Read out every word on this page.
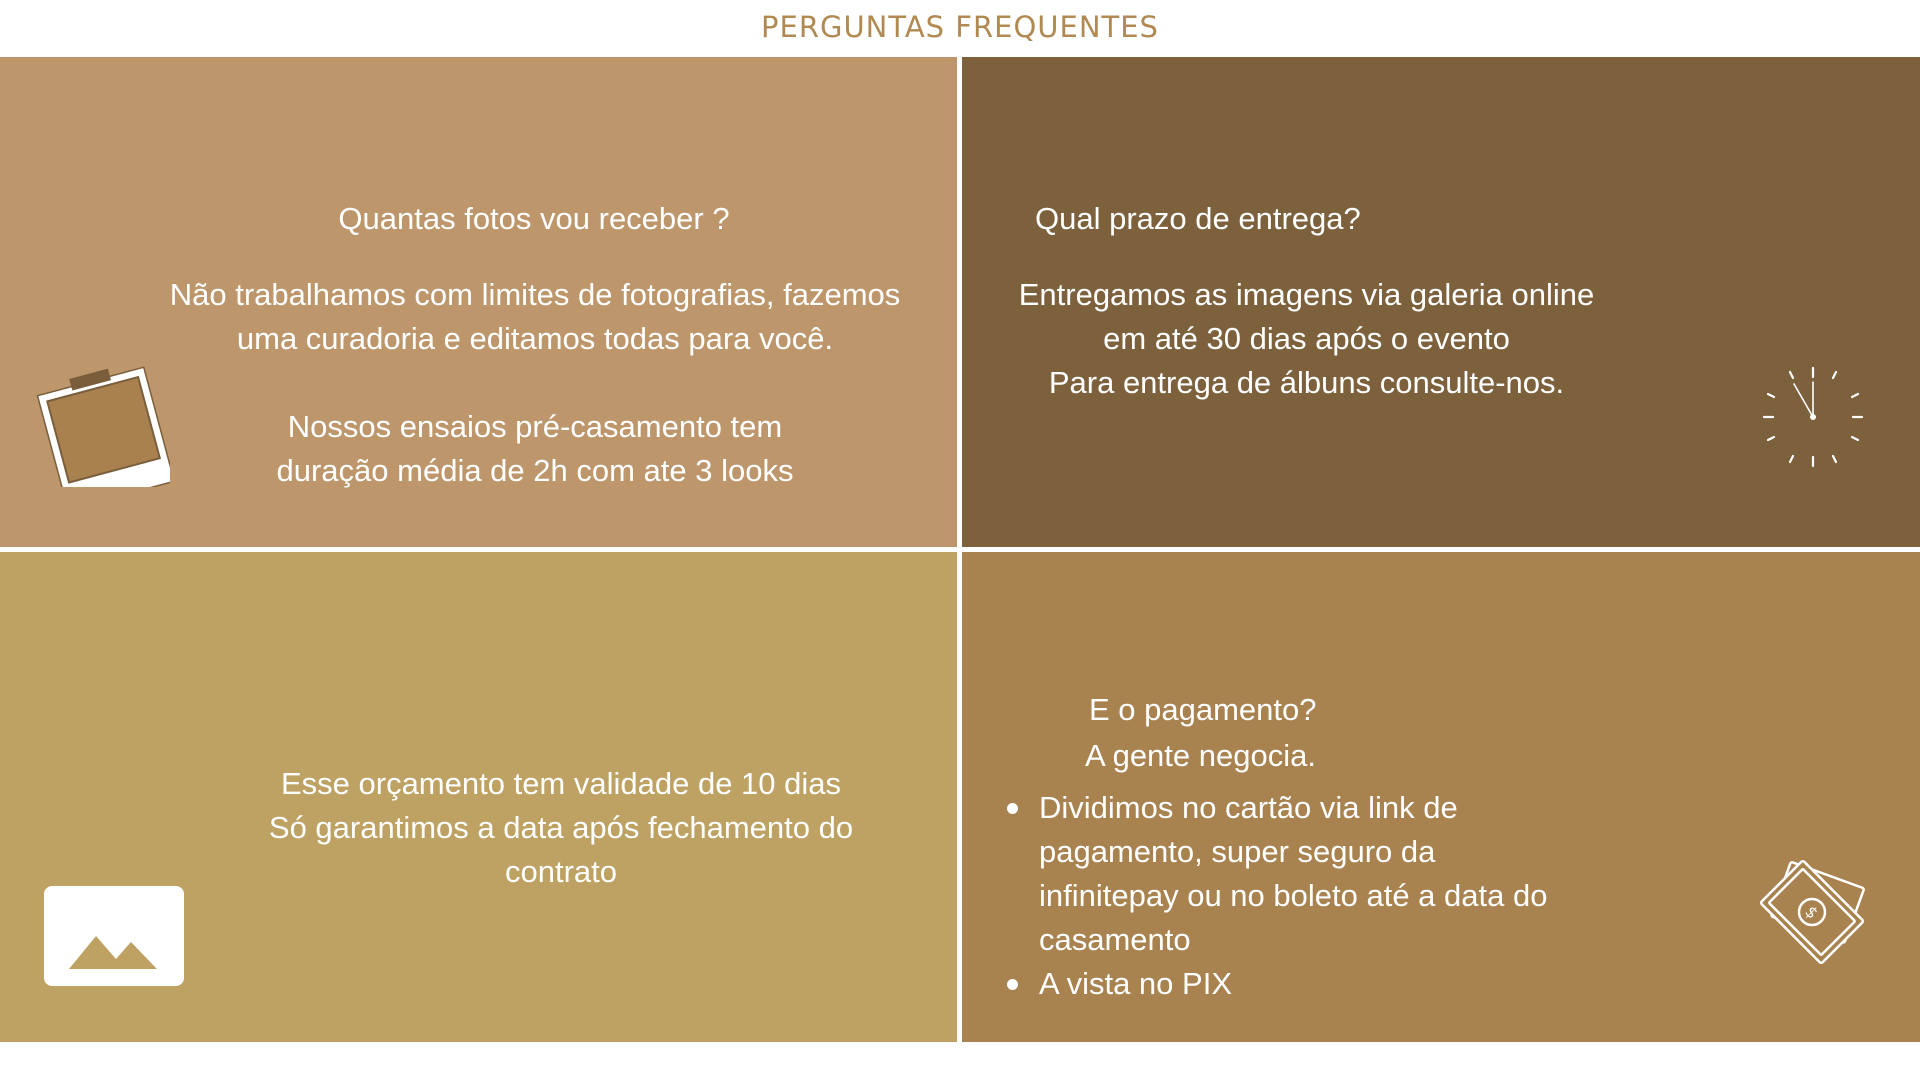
PERGUNTAS FREQUENTES
Quantas fotos vou receber ?
Não trabalhamos com limites de fotografias, fazemos
uma curadoria e editamos todas para você.
Nossos ensaios pré-casamento tem
duração média de 2h com ate 3 looks
Qual prazo de entrega?
Entregamos as imagens via galeria online
em até 30 dias após o evento
Para entrega de álbuns consulte-nos.
Esse orçamento tem validade de 10 dias
Só garantimos a data após fechamento do
contrato
E o pagamento?
A gente negocia.
Dividimos no cartão via link de pagamento, super seguro da infinitepay ou no boleto até a data do casamento
A vista no PIX
$
